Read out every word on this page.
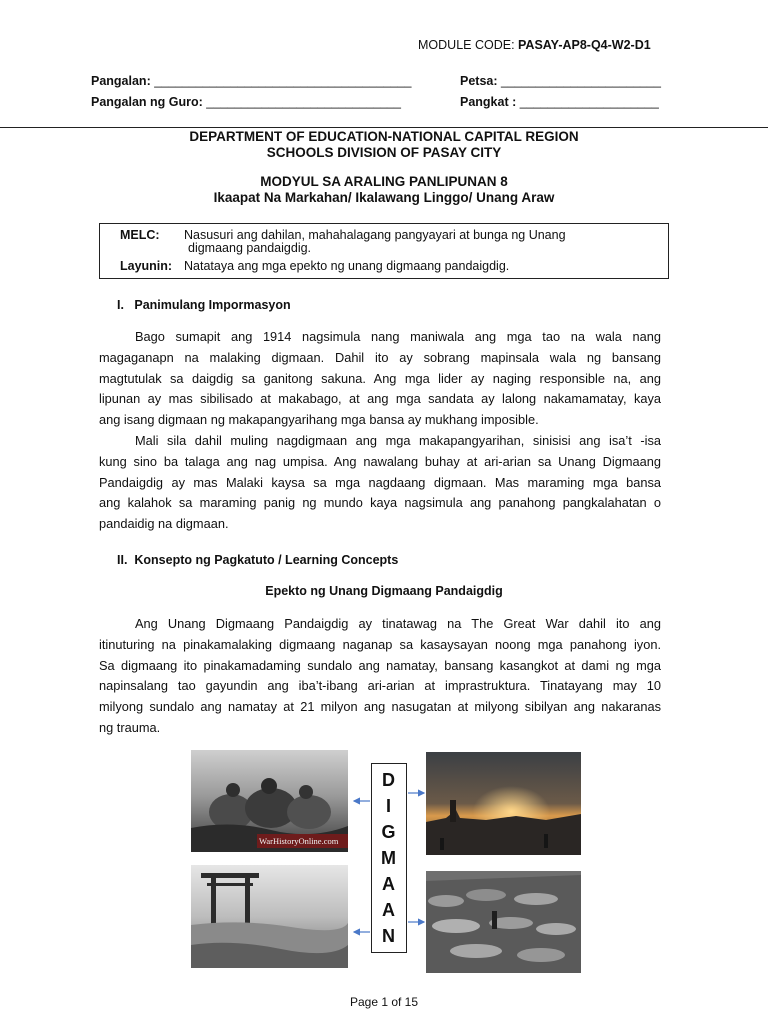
MODULE CODE: PASAY-AP8-Q4-W2-D1
Pangalan: _____________________________________	Petsa: _______________________
Pangalan ng Guro: ____________________________	Pangkat : ____________________
DEPARTMENT OF EDUCATION-NATIONAL CAPITAL REGION
SCHOOLS DIVISION OF PASAY CITY
MODYUL SA ARALING PANLIPUNAN 8
Ikaapat Na Markahan/ Ikalawang Linggo/ Unang Araw
MELC: Nasusuri ang dahilan, mahahalagang pangyayari at bunga ng Unang
digmaang pandaigdig.
Layunin: Natataya ang mga epekto ng unang digmaang pandaigdig.
I.   Panimulang Impormasyon
Bago sumapit ang 1914 nagsimula nang maniwala ang mga tao na wala nang
magaganapn na malaking digmaan. Dahil ito ay sobrang mapinsala wala ng bansang
magtutulak sa daigdig sa ganitong sakuna. Ang mga lider ay naging responsible na, ang
lipunan ay mas sibilisado at makabago, at ang mga sandata ay lalong nakamamatay, kaya
ang isang digmaan ng makapangyarihang mga bansa ay mukhang imposible.
Mali sila dahil muling nagdigmaan ang mga makapangyarihan, sinisisi ang isa’t -isa
kung sino ba talaga ang nag umpisa. Ang nawalang buhay at ari-arian sa Unang Digmaang
Pandaigdig ay mas Malaki kaysa sa mga nagdaang digmaan. Mas maraming mga bansa
ang kalahok sa maraming panig ng mundo kaya nagsimula ang panahong pangkalahatan o
pandaidig na digmaan.
II.  Konsepto ng Pagkatuto / Learning Concepts
Epekto ng Unang Digmaang Pandaigdig
Ang Unang Digmaang Pandaigdig ay tinatawag na The Great War dahil ito ang
itinuturing na pinakamalaking digmaang naganap sa kasaysayan noong mga panahong iyon.
Sa digmaang ito pinakamadaming sundalo ang namatay, bansang kasangkot at dami ng mga
napinsalang tao gayundin ang iba’t-ibang ari-arian at imprastruktura. Tinatayang may 10
milyong sundalo ang namatay at 21 milyon ang nasugatan at milyong sibilyan ang nakaranas
ng trauma.
WarHistoryOnline.com
D
I
G
M
A
A
N
Page 1 of 15
